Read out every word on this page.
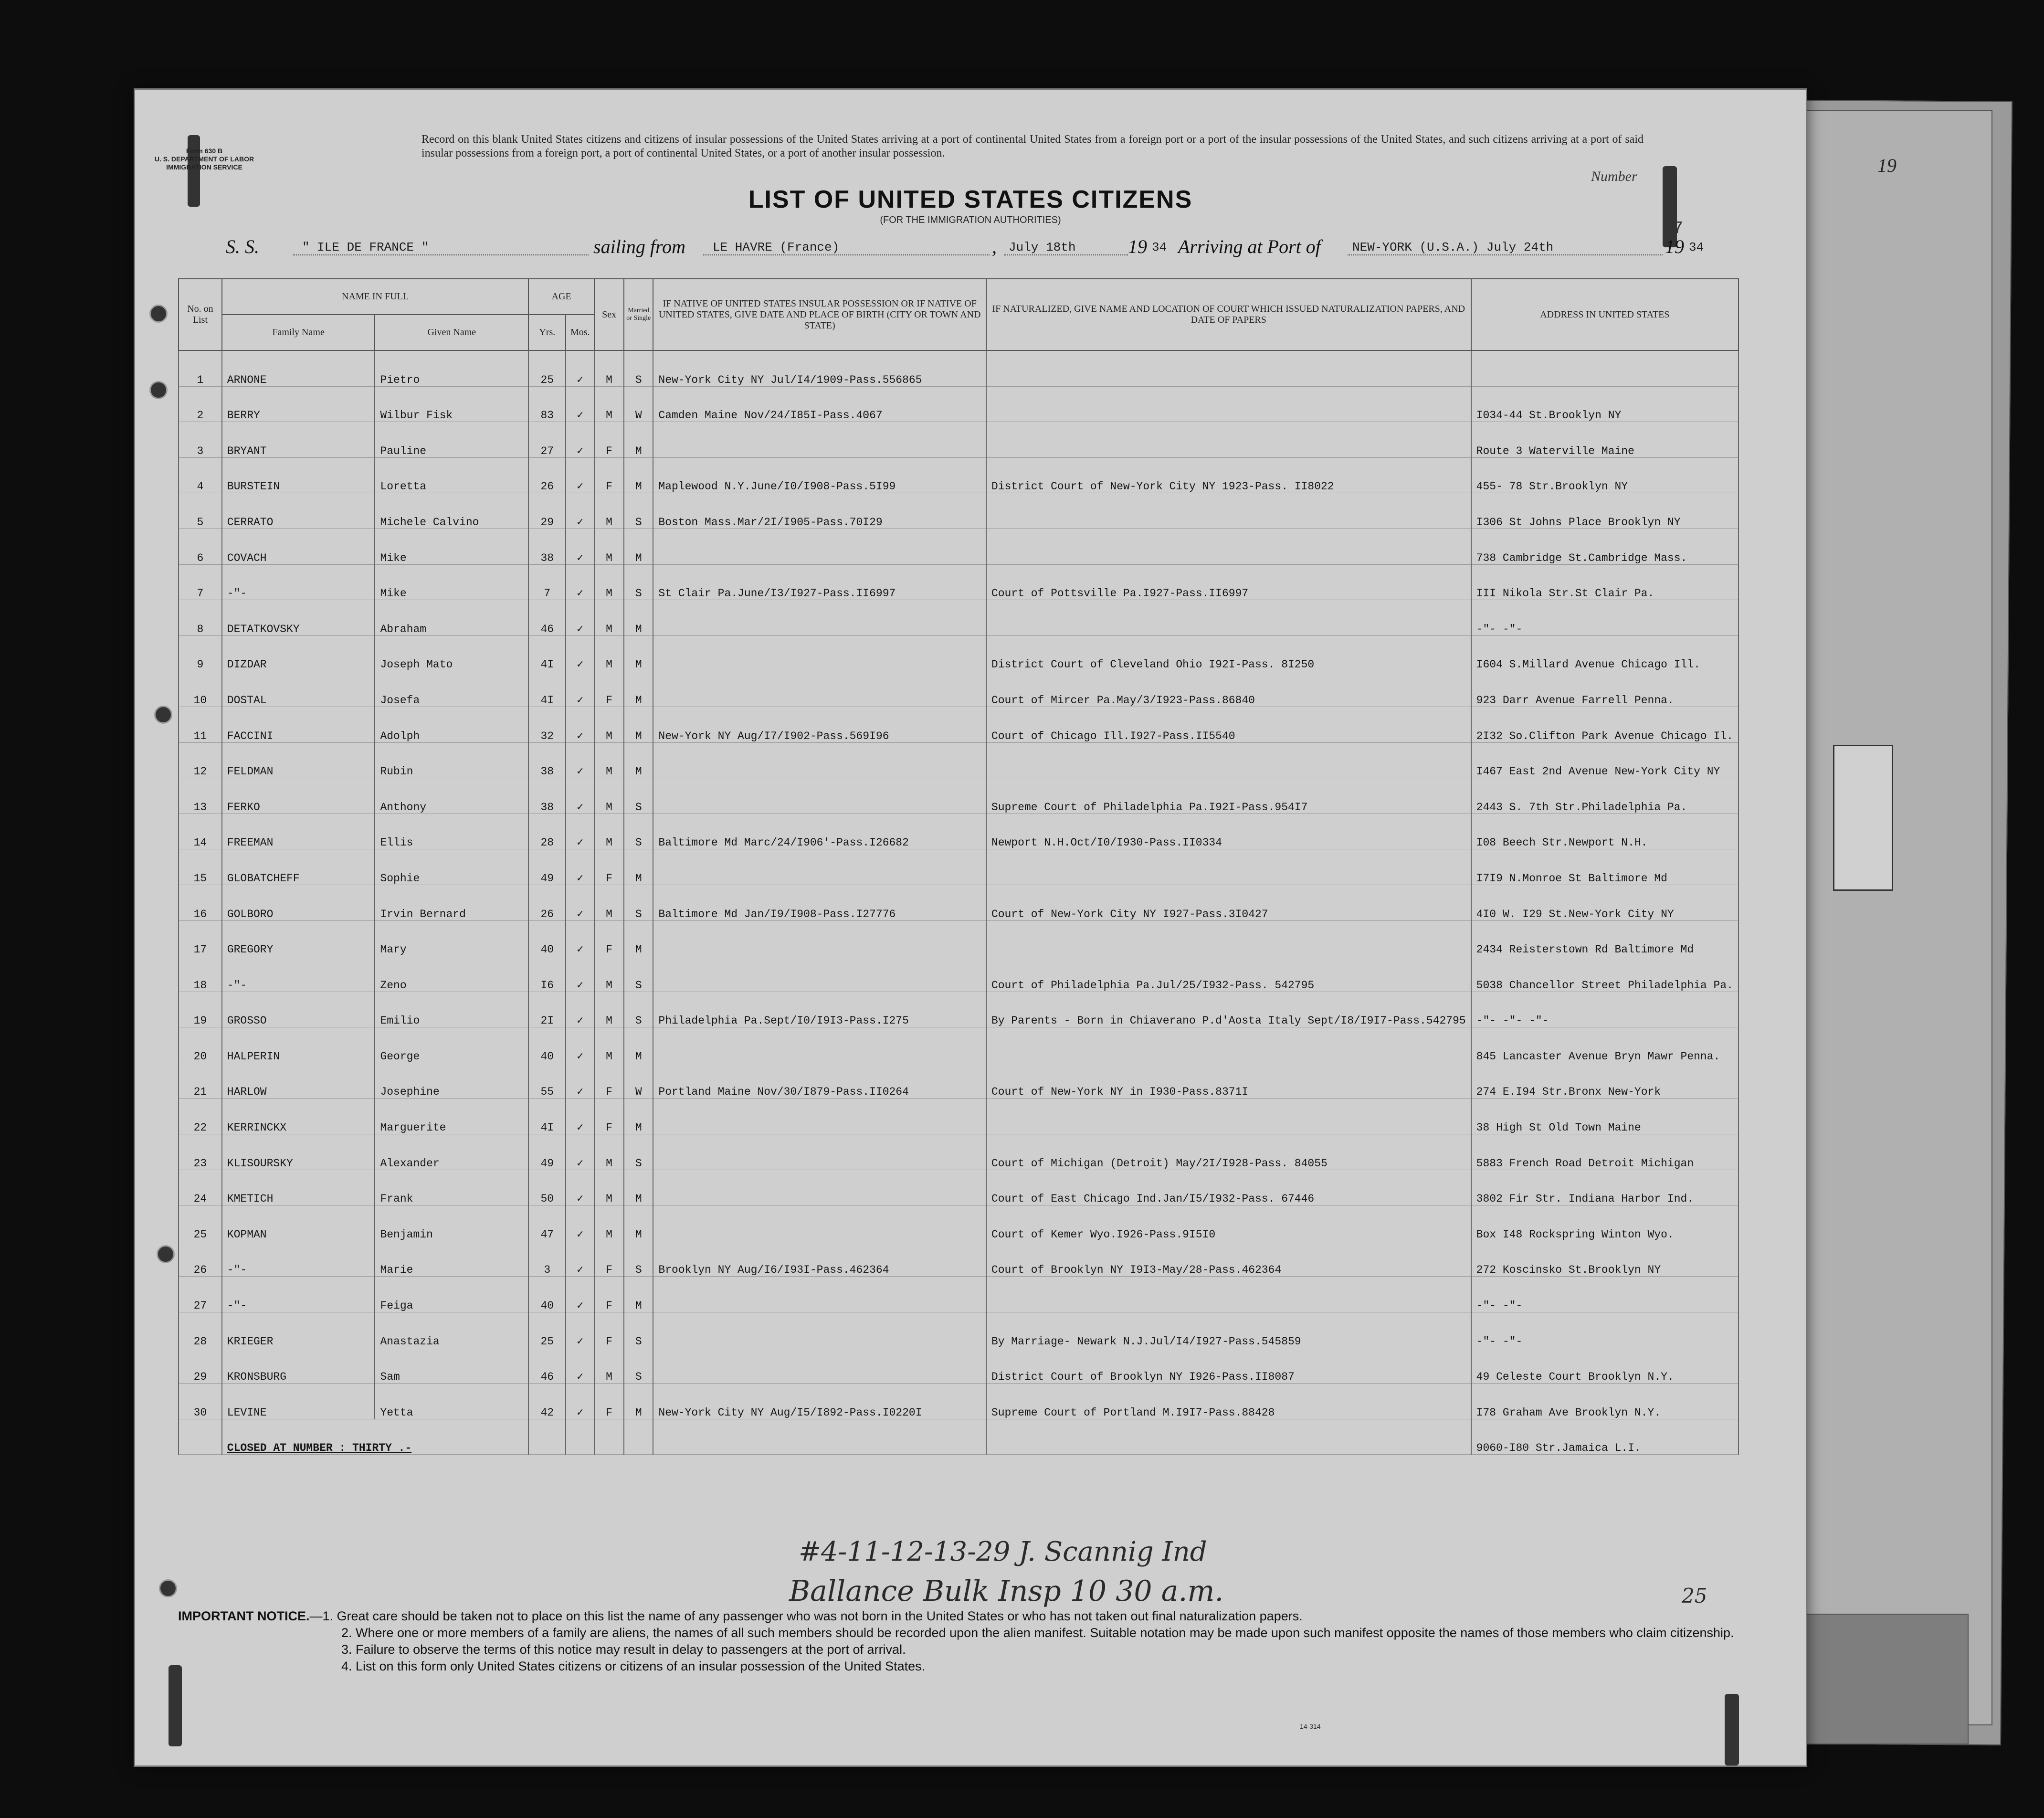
Form 630 B
U. S. DEPARTMENT OF LABOR
IMMIGRATION SERVICE
Record on this blank United States citizens and citizens of insular possessions of the United States arriving at a port of continental United States from a foreign port or a port of the insular possessions of the United States, and such citizens arriving at a port of said insular possessions from a foreign port, a port of continental United States, or a port of another insular possession.
Number
37
19
LIST OF UNITED STATES CITIZENS
(FOR THE IMMIGRATION AUTHORITIES)
S. S.	" ILE DE FRANCE "	sailing from LE HAVRE (France)	, July 18th	19 34 Arriving at Port of	NEW-YORK (U.S.A.) July 24th	19 34
No. on List	NAME IN FULL		AGE		Sex	Married or Single	IF NATIVE OF UNITED STATES INSULAR POSSESSION OR IF NATIVE OF UNITED STATES, GIVE DATE AND PLACE OF BIRTH (CITY OR TOWN AND STATE)	IF NATURALIZED, GIVE NAME AND LOCATION OF COURT WHICH ISSUED NATURALIZATION PAPERS, AND DATE OF PAPERS	ADDRESS IN UNITED STATES
	Family Name	Given Name	Yrs.	Mos.					
1	ARNONE	Pietro	25	✓	M	S	New-York City NY Jul/I4/1909-Pass.556865		
2	BERRY	Wilbur Fisk	83	✓	M	W	Camden Maine Nov/24/I85I-Pass.4067		I034-44 St.Brooklyn NY
3	BRYANT	Pauline	27	✓	F	M			Route 3 Waterville Maine
4	BURSTEIN	Loretta	26	✓	F	M	Maplewood N.Y.June/I0/I908-Pass.5I99	District Court of New-York City NY 1923-Pass. II8022	455- 78 Str.Brooklyn NY
5	CERRATO	Michele Calvino	29	✓	M	S	Boston Mass.Mar/2I/I905-Pass.70I29		I306 St Johns Place Brooklyn NY
6	COVACH	Mike	38	✓	M	M			738 Cambridge St.Cambridge Mass.
7	-"-	Mike	7	✓	M	S	St Clair Pa.June/I3/I927-Pass.II6997	Court of Pottsville Pa.I927-Pass.II6997	III Nikola Str.St Clair Pa.
8	DETATKOVSKY	Abraham	46	✓	M	M			-"- -"-
9	DIZDAR	Joseph Mato	4I	✓	M	M		District Court of Cleveland Ohio I92I-Pass. 8I250	I604 S.Millard Avenue Chicago Ill.
10	DOSTAL	Josefa	4I	✓	F	M		Court of Mircer Pa.May/3/I923-Pass.86840	923 Darr Avenue Farrell Penna.
11	FACCINI	Adolph	32	✓	M	M	New-York NY Aug/I7/I902-Pass.569I96	Court of Chicago Ill.I927-Pass.II5540	2I32 So.Clifton Park Avenue Chicago Il.
12	FELDMAN	Rubin	38	✓	M	M			I467 East 2nd Avenue New-York City NY
13	FERKO	Anthony	38	✓	M	S		Supreme Court of Philadelphia Pa.I92I-Pass.954I7	2443 S. 7th Str.Philadelphia Pa.
14	FREEMAN	Ellis	28	✓	M	S	Baltimore Md Marc/24/I906'-Pass.I26682	Newport N.H.Oct/I0/I930-Pass.II0334	I08 Beech Str.Newport N.H.
15	GLOBATCHEFF	Sophie	49	✓	F	M			I7I9 N.Monroe St Baltimore Md
16	GOLBORO	Irvin Bernard	26	✓	M	S	Baltimore Md Jan/I9/I908-Pass.I27776	Court of New-York City NY I927-Pass.3I0427	4I0 W. I29 St.New-York City NY
17	GREGORY	Mary	40	✓	F	M			2434 Reisterstown Rd Baltimore Md
18	-"-	Zeno	I6	✓	M	S		Court of Philadelphia Pa.Jul/25/I932-Pass. 542795	5038 Chancellor Street Philadelphia Pa.
19	GROSSO	Emilio	2I	✓	M	S	Philadelphia Pa.Sept/I0/I9I3-Pass.I275	By Parents - Born in Chiaverano P.d'Aosta Italy Sept/I8/I9I7-Pass.542795	-"- -"- -"-
20	HALPERIN	George	40	✓	M	M			845 Lancaster Avenue Bryn Mawr Penna.
21	HARLOW	Josephine	55	✓	F	W	Portland Maine Nov/30/I879-Pass.II0264	Court of New-York NY in I930-Pass.8371I	274 E.I94 Str.Bronx New-York
22	KERRINCKX	Marguerite	4I	✓	F	M			38 High St Old Town Maine
23	KLISOURSKY	Alexander	49	✓	M	S		Court of Michigan (Detroit) May/2I/I928-Pass. 84055	5883 French Road Detroit Michigan
24	KMETICH	Frank	50	✓	M	M		Court of East Chicago Ind.Jan/I5/I932-Pass. 67446	3802 Fir Str. Indiana Harbor Ind.
25	KOPMAN	Benjamin	47	✓	M	M		Court of Kemer Wyo.I926-Pass.9I5I0	Box I48 Rockspring Winton Wyo.
26	-"-	Marie	3	✓	F	S	Brooklyn NY Aug/I6/I93I-Pass.462364	Court of Brooklyn NY I9I3-May/28-Pass.462364	272 Koscinsko St.Brooklyn NY
27	-"-	Feiga	40	✓	F	M			-"- -"-
28	KRIEGER	Anastazia	25	✓	F	S		By Marriage- Newark N.J.Jul/I4/I927-Pass.545859	-"- -"-
29	KRONSBURG	Sam	46	✓	M	S		District Court of Brooklyn NY I926-Pass.II8087	49 Celeste Court Brooklyn N.Y.
30	LEVINE	Yetta	42	✓	F	M	New-York City NY Aug/I5/I892-Pass.I0220I	Supreme Court of Portland M.I9I7-Pass.88428	I78 Graham Ave Brooklyn N.Y.
	CLOSED AT NUMBER : THIRTY .-								9060-I80 Str.Jamaica L.I.
#4-11-12-13-29 J. Scannig Ind
Ballance Bulk Insp 10 30 a.m.	25
IMPORTANT NOTICE.—1. Great care should be taken not to place on this list the name of any passenger who was not born in the United States or who has not taken out final naturalization papers.
2. Where one or more members of a family are aliens, the names of all such members should be recorded upon the alien manifest. Suitable notation may be made upon such manifest opposite the names of those members who claim citizenship.
3. Failure to observe the terms of this notice may result in delay to passengers at the port of arrival.
4. List on this form only United States citizens or citizens of an insular possession of the United States.
14-314
